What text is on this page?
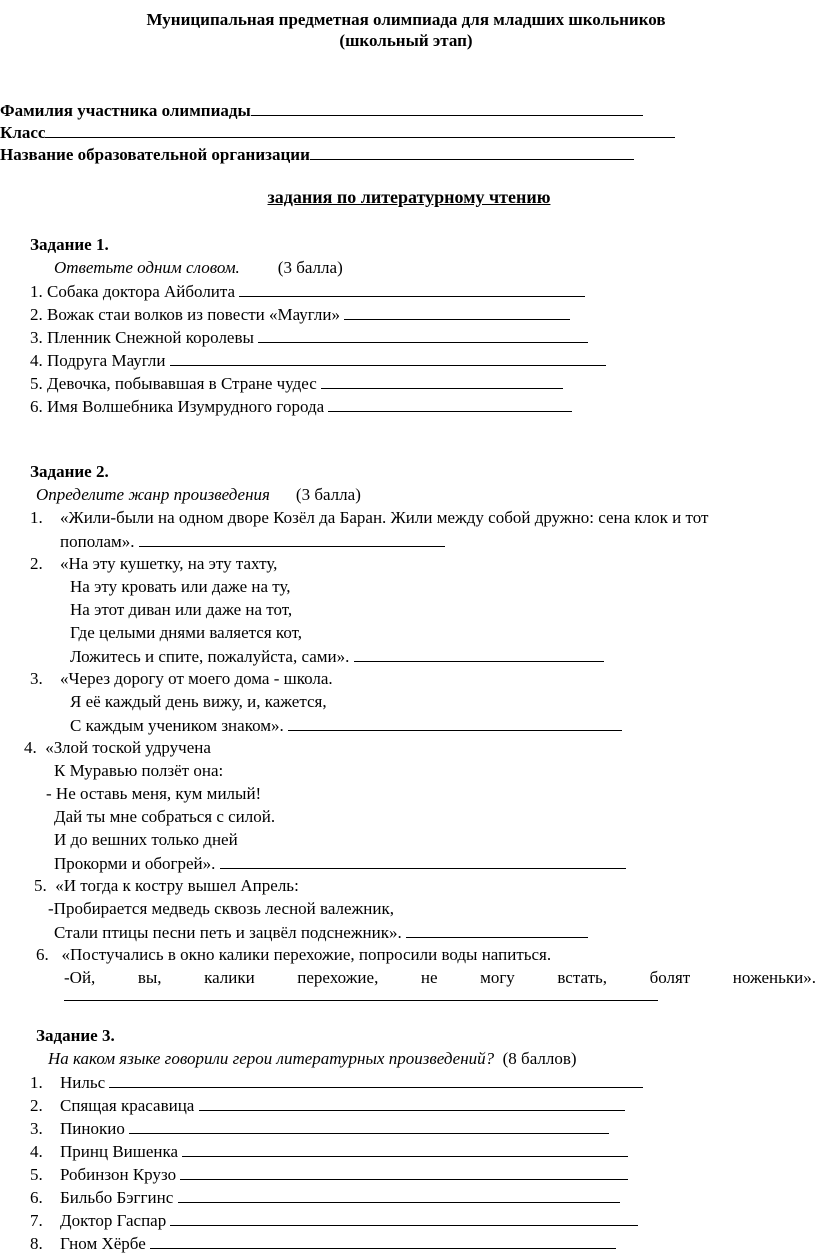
Муниципальная предметная олимпиада для младших школьников
(школьный этап)
Фамилия участника олимпиады
Класс
Название образовательной организации
задания по литературному чтению
Задание 1.
Ответьте одним словом. (3 балла)
1. Собака доктора Айболита
2. Вожак стаи волков из повести «Маугли»
3. Пленник Снежной королевы
4. Подруга Маугли
5. Девочка, побывавшая в Стране чудес
6. Имя Волшебника Изумрудного города
Задание 2.
Определите жанр произведения (3 балла)
1. «Жили-были на одном дворе Козёл да Баран. Жили между собой дружно: сена клок и тот
пополам».
2. «На эту кушетку, на эту тахту,
На эту кровать или даже на ту,
На этот диван или даже на тот,
Где целыми днями валяется кот,
Ложитесь и спите, пожалуйста, сами».
3. «Через дорогу от моего дома - школа.
Я её каждый день вижу, и, кажется,
С каждым учеником знаком».
4. «Злой тоской удручена
К Муравью ползёт она:
- Не оставь меня, кум милый!
Дай ты мне собраться с силой.
И до вешних только дней
Прокорми и обогрей».
5. «И тогда к костру вышел Апрель:
-Пробирается медведь сквозь лесной валежник,
Стали птицы песни петь и зацвёл подснежник».
6. «Постучались в окно калики перехожие, попросили воды напиться.
-Ой,	вы,	калики	перехожие,	не	могу	встать,	болят	ноженьки».
Задание 3.
На каком языке говорили герои литературных произведений? (8 баллов)
1. Нильс
2. Спящая красавица
3. Пинокио
4. Принц Вишенка
5. Робинзон Крузо
6. Бильбо Бэггинс
7. Доктор Гаспар
8. Гном Хёрбе
